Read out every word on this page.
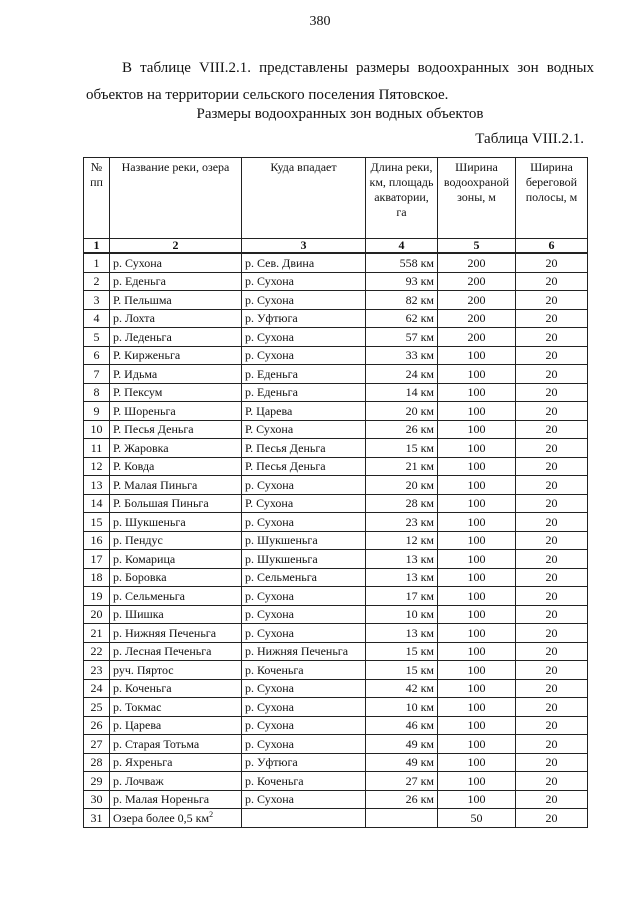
380

В таблице VIII.2.1. представлены размеры водоохранных зон водных объектов на территории сельского поселения Пятовское.

Размеры водоохранных зон водных объектов
Таблица VIII.2.1.
№ пп	Название реки, озера	Куда впадает	Длина реки, км, площадь акватории, га	Ширина водоохраной зоны, м	Ширина береговой полосы, м
1	2	3	4	5	6
1	р. Сухона	р. Сев. Двина	558 км	200	20
2	р. Еденьга	р. Сухона	93 км	200	20
3	Р. Пельшма	р. Сухона	82 км	200	20
4	р. Лохта	р. Уфтюга	62 км	200	20
5	р. Леденьга	р. Сухона	57 км	200	20
6	Р. Кирженьга	р. Сухона	33 км	100	20
7	Р. Идьма	р. Еденьга	24 км	100	20
8	Р. Пексум	р. Еденьга	14 км	100	20
9	Р. Шореньга	Р. Царева	20 км	100	20
10	Р. Песья Деньга	Р. Сухона	26 км	100	20
11	Р. Жаровка	Р. Песья Деньга	15 км	100	20
12	Р. Ковда	Р. Песья Деньга	21 км	100	20
13	Р. Малая Пиньга	р. Сухона	20 км	100	20
14	Р. Большая Пиньга	Р. Сухона	28 км	100	20
15	р. Шукшеньга	р. Сухона	23 км	100	20
16	р. Пендус	р. Шукшеньга	12 км	100	20
17	р. Комарица	р. Шукшеньга	13 км	100	20
18	р. Боровка	р. Сельменьга	13 км	100	20
19	р. Сельменьга	р. Сухона	17 км	100	20
20	р. Шишка	р. Сухона	10 км	100	20
21	р. Нижняя Печеньга	р. Сухона	13 км	100	20
22	р. Лесная Печеньга	р. Нижняя Печеньга	15 км	100	20
23	руч. Пяртос	р. Коченьга	15 км	100	20
24	р. Коченьга	р. Сухона	42 км	100	20
25	р. Токмас	р. Сухона	10 км	100	20
26	р. Царева	р. Сухона	46 км	100	20
27	р. Старая Тотьма	р. Сухона	49 км	100	20
28	р. Яхреньга	р. Уфтюга	49 км	100	20
29	р. Лочваж	р. Коченьга	27 км	100	20
30	р. Малая Нореньга	р. Сухона	26 км	100	20
31	Озера более 0,5 $км^2$			50	20
